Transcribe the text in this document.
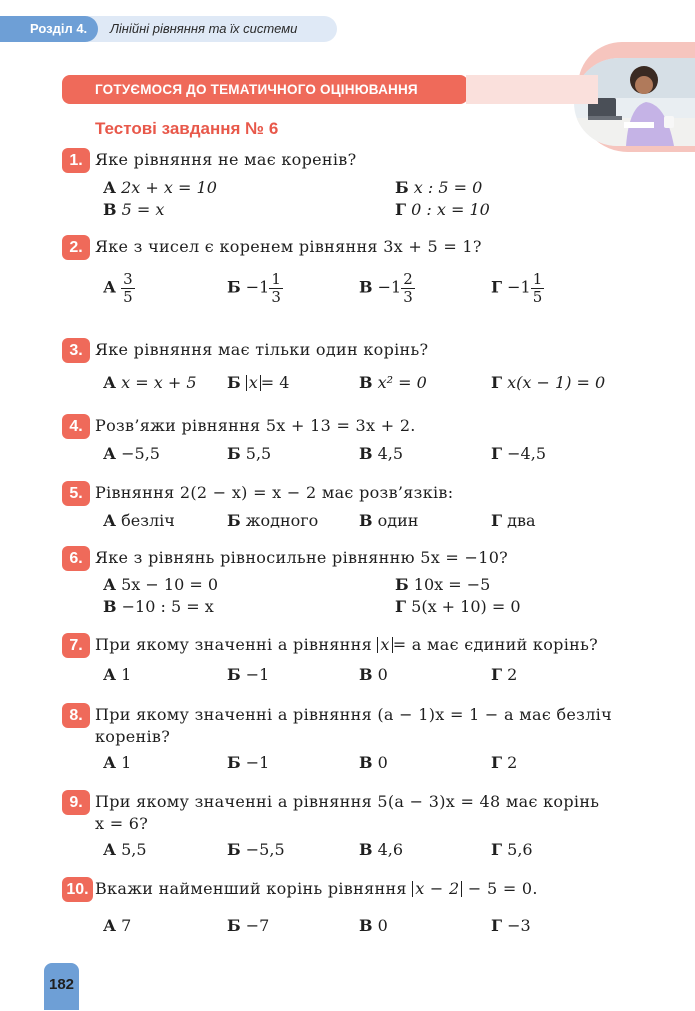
Розділ 4.	Лінійні рівняння та їх системи
ГОТУЄМОСЯ ДО ТЕМАТИЧНОГО ОЦІНЮВАННЯ
Тестові завдання № 6
1. Яке рівняння не має коренів?
А 2x + x = 10	Б x : 5 = 0
В 5 = x	Г 0 : x = 10
2. Яке з чисел є коренем рівняння 3x + 5 = 1?
А $\frac{3}{5}$	$Б -1 \frac{1}{3}$	$В -1 \frac{2}{3}$	$Г -1 \frac{1}{5}$
3. Яке рівняння має тільки один корінь?
А x = x + 5 Б x = 4	В x² = 0	Г x(x − 1) = 0
4. Розв’яжи рівняння 5x + 13 = 3x + 2.
А −5,5	Б 5,5	В 4,5	Г −4,5
5. Рівняння 2(2 − x) = x − 2 має розв’язків:
А безліч	Б жодного	В один	Г два
6. Яке з рівнянь рівносильне рівнянню 5x = −10?
А 5x − 10 = 0	Б 10x = −5
В −10 : 5 = x	Г 5(x + 10) = 0
7. При якому значенні a рівняння x = a має єдиний корінь?
А 1	Б −1	В 0	Г 2
8. При якому значенні a рівняння (a − 1)x = 1 − a має безліч
коренів?
А 1	Б −1	В 0	Г 2
9. При якому значенні a рівняння 5(a − 3)x = 48 має корінь
x = 6?
А 5,5	Б −5,5	В 4,6	Г 5,6
10. Вкажи найменший корінь рівняння x − 2 − 5 = 0.
А 7	Б −7	В 0	Г −3
182
